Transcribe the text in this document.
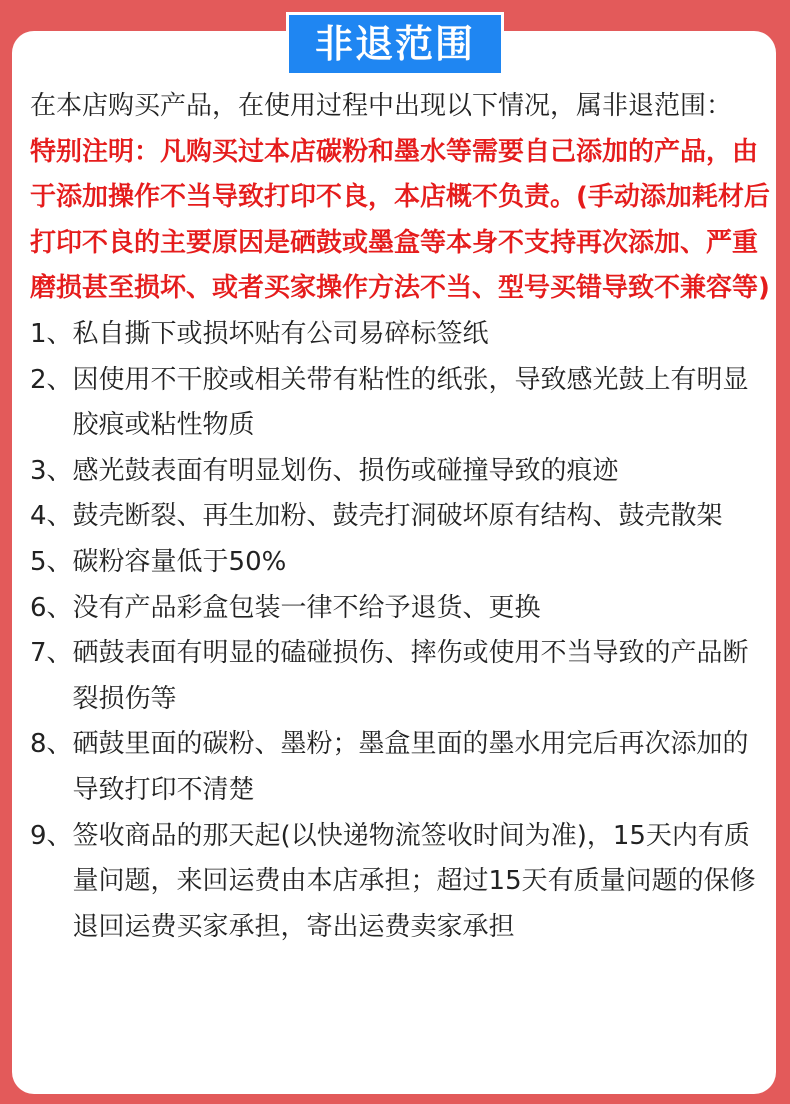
非退范围

在本店购买产品，在使用过程中出现以下情况，属非退范围：

特别注明：凡购买过本店碳粉和墨水等需要自己添加的产品，由于添加操作不当导致打印不良，本店概不负责。(手动添加耗材后打印不良的主要原因是硒鼓或墨盒等本身不支持再次添加、严重磨损甚至损坏、或者买家操作方法不当、型号买错导致不兼容等)

1、 私自撕下或损坏贴有公司易碎标签纸
2、 因使用不干胶或相关带有粘性的纸张，导致感光鼓上有明显胶痕或粘性物质
3、 感光鼓表面有明显划伤、损伤或碰撞导致的痕迹
4、 鼓壳断裂、再生加粉、鼓壳打洞破坏原有结构、鼓壳散架
5、 碳粉容量低于50%
6、 没有产品彩盒包装一律不给予退货、更换
7、 硒鼓表面有明显的磕碰损伤、摔伤或使用不当导致的产品断裂损伤等
8、 硒鼓里面的碳粉、墨粉；墨盒里面的墨水用完后再次添加的导致打印不清楚
9、 签收商品的那天起(以快递物流签收时间为准)，15天内有质量问题，来回运费由本店承担；超过15天有质量问题的保修退回运费买家承担，寄出运费卖家承担
